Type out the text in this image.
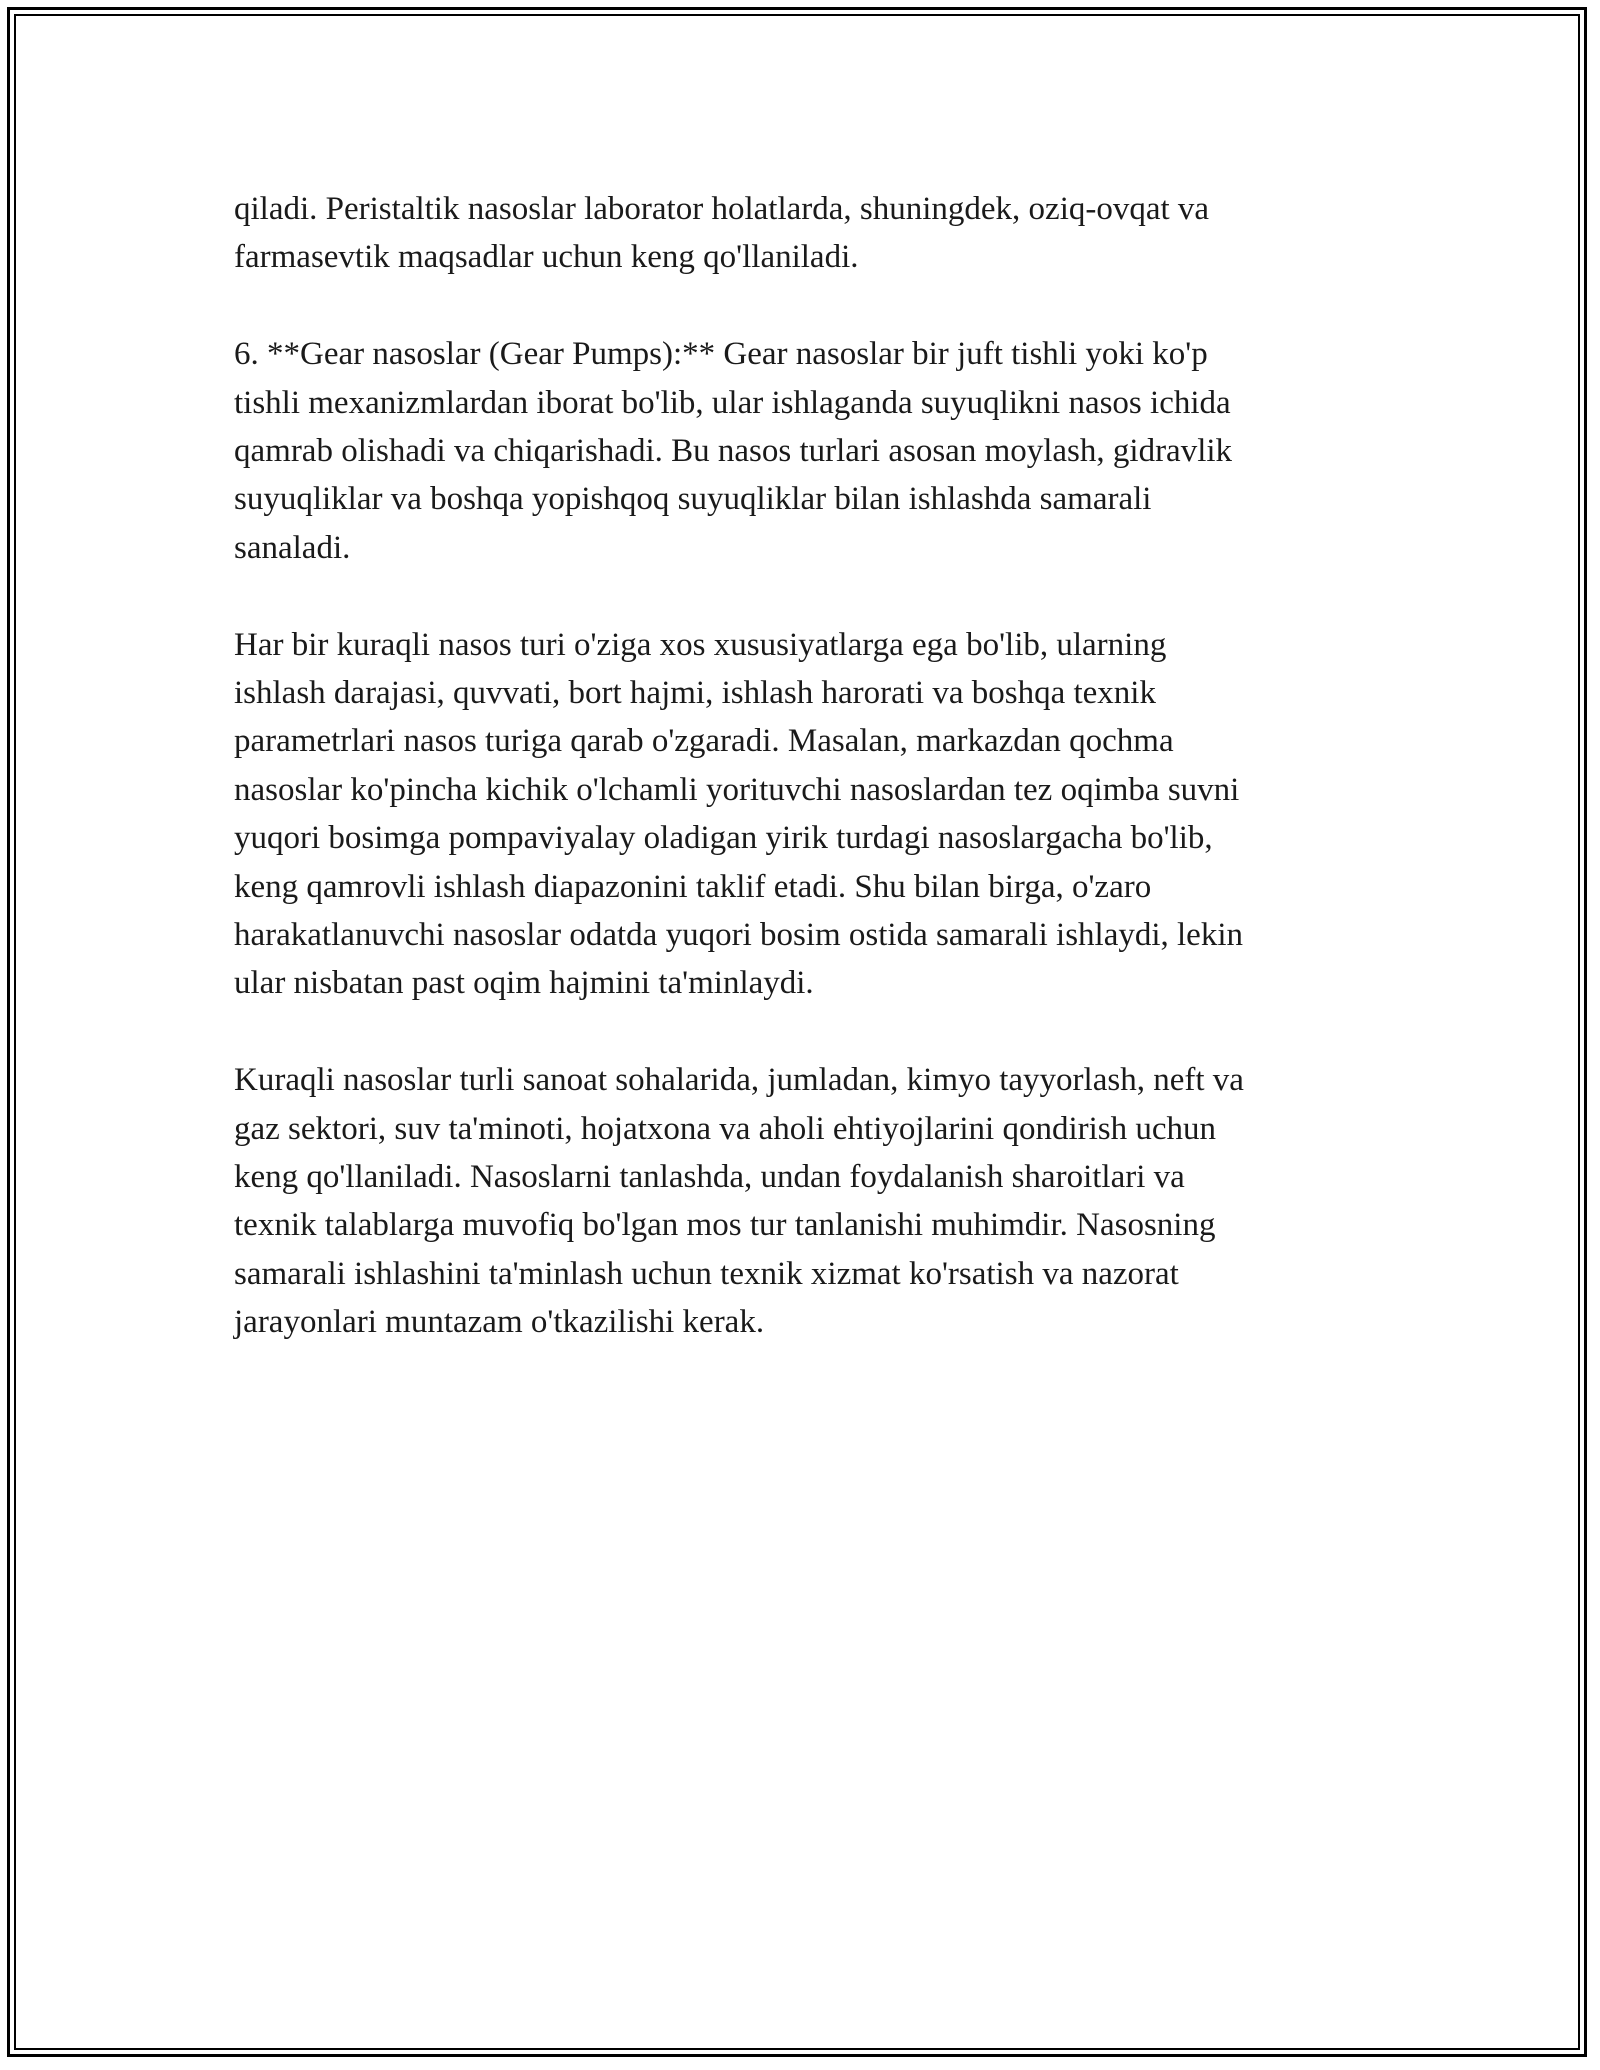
qiladi. Peristaltik nasoslar laborator holatlarda, shuningdek, oziq-ovqat va
farmasevtik maqsadlar uchun keng qo'llaniladi.

6. **Gear nasoslar (Gear Pumps):** Gear nasoslar bir juft tishli yoki ko'p
tishli mexanizmlardan iborat bo'lib, ular ishlaganda suyuqlikni nasos ichida
qamrab olishadi va chiqarishadi. Bu nasos turlari asosan moylash, gidravlik
suyuqliklar va boshqa yopishqoq suyuqliklar bilan ishlashda samarali
sanaladi.

Har bir kuraqli nasos turi o'ziga xos xususiyatlarga ega bo'lib, ularning
ishlash darajasi, quvvati, bort hajmi, ishlash harorati va boshqa texnik
parametrlari nasos turiga qarab o'zgaradi. Masalan, markazdan qochma
nasoslar ko'pincha kichik o'lchamli yorituvchi nasoslardan tez oqimba suvni
yuqori bosimga pompaviyalay oladigan yirik turdagi nasoslargacha bo'lib,
keng qamrovli ishlash diapazonini taklif etadi. Shu bilan birga, o'zaro
harakatlanuvchi nasoslar odatda yuqori bosim ostida samarali ishlaydi, lekin
ular nisbatan past oqim hajmini ta'minlaydi.

Kuraqli nasoslar turli sanoat sohalarida, jumladan, kimyo tayyorlash, neft va
gaz sektori, suv ta'minoti, hojatxona va aholi ehtiyojlarini qondirish uchun
keng qo'llaniladi. Nasoslarni tanlashda, undan foydalanish sharoitlari va
texnik talablarga muvofiq bo'lgan mos tur tanlanishi muhimdir. Nasosning
samarali ishlashini ta'minlash uchun texnik xizmat ko'rsatish va nazorat
jarayonlari muntazam o'tkazilishi kerak.
